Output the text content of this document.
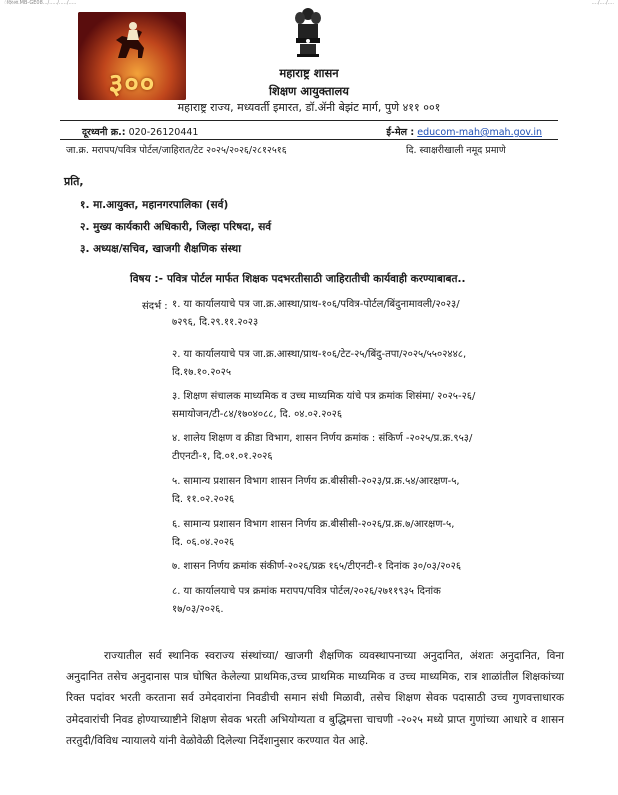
ंदिरआ.MB-GE08.../...../...../.....	..../..../....
३००	महाराष्ट्र शासन
शिक्षण आयुक्तालय
महाराष्ट्र राज्य, मध्यवर्ती इमारत, डॉ.ॲनी बेझंट मार्ग, पुणे ४११ ००१
दूरध्वनी क्र.: 020-26120441	ई-मेल : educom-mah@mah.gov.in
जा.क्र. मरापप/पवित्र पोर्टल/जाहिरात/टेट २०२५/२०२६/२८१२५१६	दि. स्वाक्षरीखाली नमूद प्रमाणे
प्रति,
१. मा.आयुक्त, महानगरपालिका (सर्व)
२. मुख्य कार्यकारी अधिकारी, जिल्हा परिषदा, सर्व
३. अध्यक्ष/सचिव, खाजगी शैक्षणिक संस्था
विषय :- पवित्र पोर्टल मार्फत शिक्षक पदभरतीसाठी जाहिरातीची कार्यवाही करण्याबाबत..
संदर्भ : १. या कार्यालयाचे पत्र जा.क्र.आस्था/प्राथ-१०६/पवित्र-पोर्टल/बिंदुनामावली/२०२३/
७२९६, दि.२९.११.२०२३
२. या कार्यालयाचे पत्र जा.क्र.आस्था/प्राथ-१०६/टेट-२५/बिंदु-तपा/२०२५/५५०२४४८,
दि.१७.१०.२०२५
३. शिक्षण संचालक माध्यमिक व उच्च माध्यमिक यांचे पत्र क्रमांक शिसंमा/ २०२५-२६/
समायोजन/टी-८४/१७०४०८८, दि. ०४.०२.२०२६
४. शालेय शिक्षण व क्रीडा विभाग, शासन निर्णय क्रमांक : संकिर्ण -२०२५/प्र.क्र.९५३/
टीएनटी-१, दि.०१.०१.२०२६
५. सामान्य प्रशासन विभाग शासन निर्णय क्र.बीसीसी-२०२३/प्र.क्र.५४/आरक्षण-५,
दि. ११.०२.२०२६
६. सामान्य प्रशासन विभाग शासन निर्णय क्र.बीसीसी-२०२६/प्र.क्र.७/आरक्षण-५,
दि. ०६.०४.२०२६
७. शासन निर्णय क्रमांक संकीर्ण-२०२६/प्रक्र १६५/टीएनटी-१ दिनांक ३०/०३/२०२६
८. या कार्यालयाचे पत्र क्रमांक मरापप/पवित्र पोर्टल/२०२६/२७११९३५ दिनांक
१७/०३/२०२६.
राज्यातील सर्व स्थानिक स्वराज्य संस्थांच्या/ खाजगी शैक्षणिक व्यवस्थापनाच्या अनुदानित, अंशतः अनुदानित, विना अनुदानित तसेच अनुदानास पात्र घोषित केलेल्या प्राथमिक,उच्च प्राथमिक माध्यमिक व उच्च माध्यमिक, रात्र शाळांतील शिक्षकांच्या रिक्त पदांवर भरती करताना सर्व उमेदवारांना निवडीची समान संधी मिळावी, तसेच शिक्षण सेवक पदासाठी उच्च गुणवत्ताधारक उमेदवारांची निवड होण्याच्याष्टीने शिक्षण सेवक भरती अभियोग्यता व बुद्धिमत्ता चाचणी -२०२५ मध्ये प्राप्त गुणांच्या आधारे व शासन तरतुदी/विविध न्यायालये यांनी वेळोवेळी दिलेल्या निर्देशानुसार करण्यात येत आहे.
